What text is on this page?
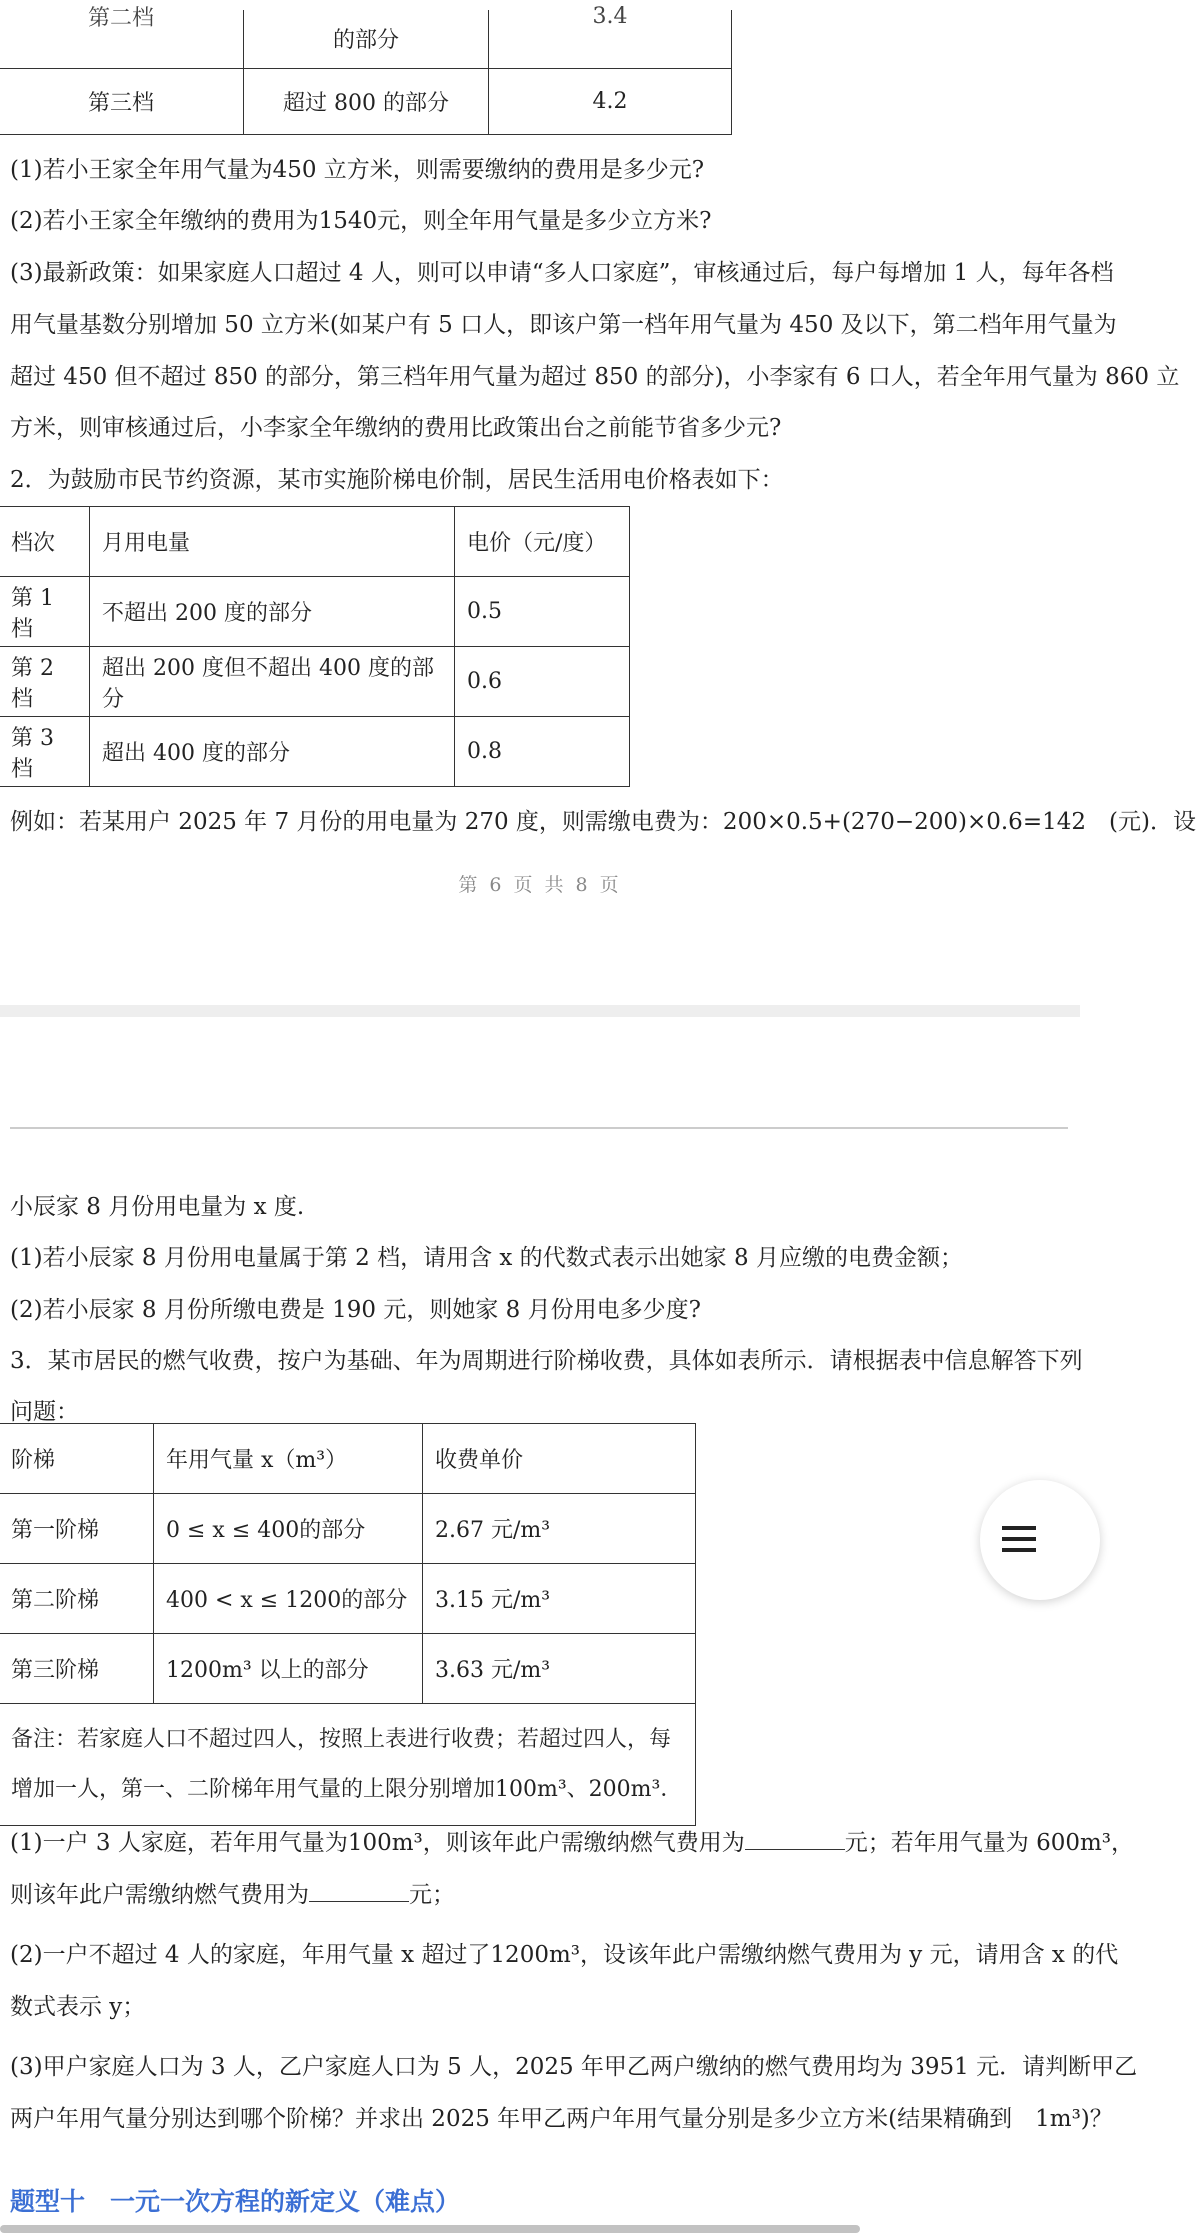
第二档	的部分	3.4
第三档	超过 800 的部分	4.2
(1)若小王家全年用气量为450 立方米，则需要缴纳的费用是多少元?
(2)若小王家全年缴纳的费用为1540元，则全年用气量是多少立方米?
(3)最新政策：如果家庭人口超过 4 人，则可以申请“多人口家庭”，审核通过后，每户每增加 1 人，每年各档
用气量基数分别增加 50 立方米(如某户有 5 口人，即该户第一档年用气量为 450 及以下，第二档年用气量为
超过 450 但不超过 850 的部分，第三档年用气量为超过 850 的部分)，小李家有 6 口人，若全年用气量为 860 立
方米，则审核通过后，小李家全年缴纳的费用比政策出台之前能节省多少元?
2．为鼓励市民节约资源，某市实施阶梯电价制，居民生活用电价格表如下：
档次	月用电量	电价（元/度）
第 1 档	不超出 200 度的部分	0.5
第 2 档	超出 200 度但不超出 400 度的部分	0.6
第 3 档	超出 400 度的部分	0.8
例如：若某用户 2025 年 7 月份的用电量为 270 度，则需缴电费为：200×0.5+(270−200)×0.6=142　(元)．设
第 6 页 共 8 页
小辰家 8 月份用电量为 x 度.
(1)若小辰家 8 月份用电量属于第 2 档，请用含 x 的代数式表示出她家 8 月应缴的电费金额；
(2)若小辰家 8 月份所缴电费是 190 元，则她家 8 月份用电多少度?
3．某市居民的燃气收费，按户为基础、年为周期进行阶梯收费，具体如表所示．请根据表中信息解答下列
问题：
阶梯	年用气量 x（m³）	收费单价
第一阶梯	0 ≤ x ≤ 400的部分	2.67 元/m³
第二阶梯	400 < x ≤ 1200的部分	3.15 元/m³
第三阶梯	1200m³ 以上的部分	3.63 元/m³

备注：若家庭人口不超过四人，按照上表进行收费；若超过四人，每
增加一人，第一、二阶梯年用气量的上限分别增加100m³、200m³．		
(1)一户 3 人家庭，若年用气量为100m³，则该年此户需缴纳燃气费用为	元；若年用气量为 600m³，
则该年此户需缴纳燃气费用为	元；
(2)一户不超过 4 人的家庭，年用气量 x 超过了1200m³，设该年此户需缴纳燃气费用为 y 元，请用含 x 的代
数式表示 y；
(3)甲户家庭人口为 3 人，乙户家庭人口为 5 人，2025 年甲乙两户缴纳的燃气费用均为 3951 元．请判断甲乙
两户年用气量分别达到哪个阶梯？并求出 2025 年甲乙两户年用气量分别是多少立方米(结果精确到　1m³)？
题型十　一元一次方程的新定义（难点）
